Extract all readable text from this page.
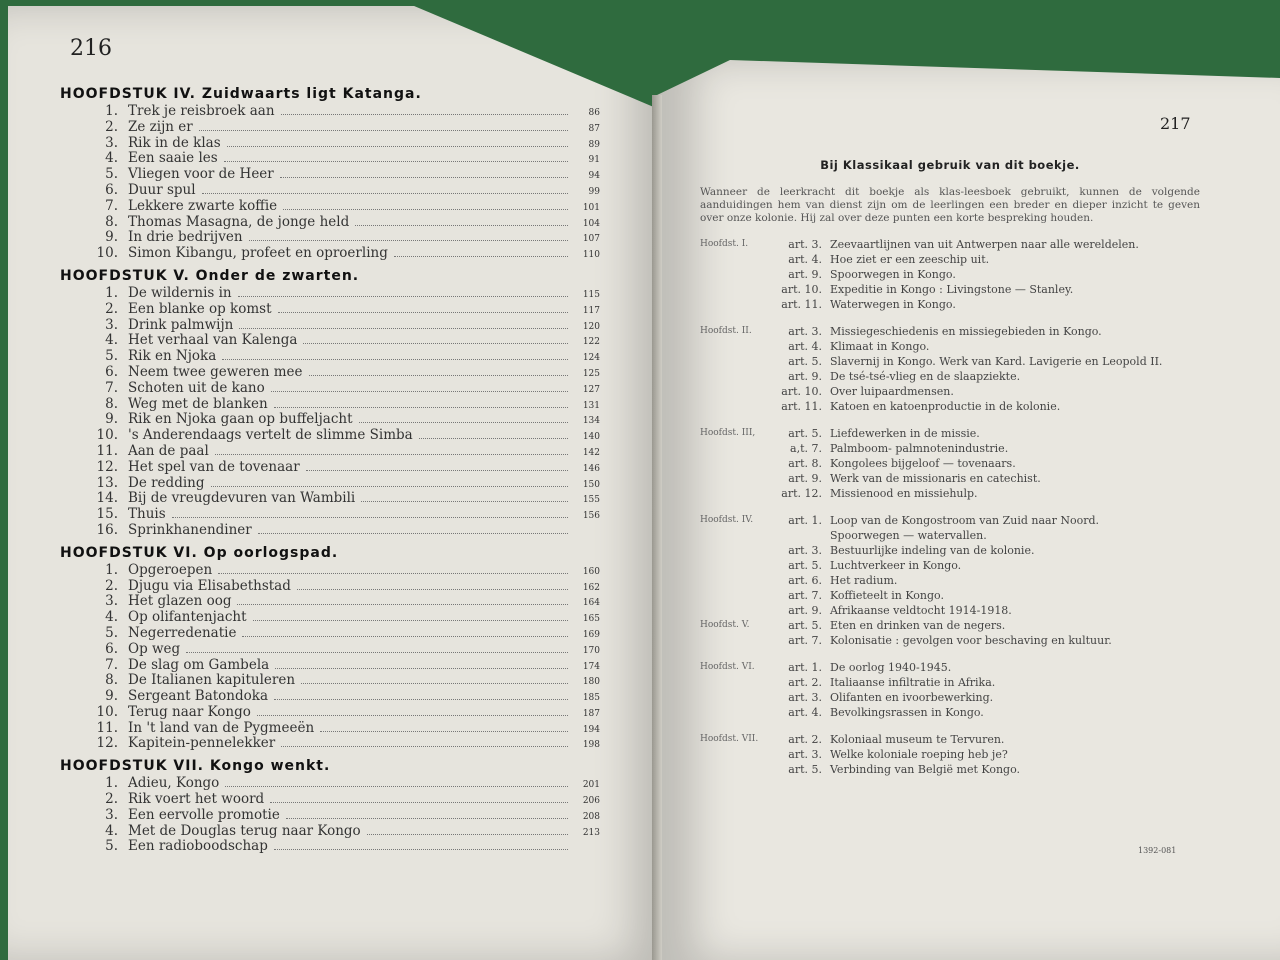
216
217
HOOFDSTUK IV. Zuidwaarts ligt Katanga.
1. Trek je reisbroek aan	86
2. Ze zijn er	87
3. Rik in de klas	89
4. Een saaie les	91
5. Vliegen voor de Heer	94
6. Duur spul	99
7. Lekkere zwarte koffie	101
8. Thomas Masagna, de jonge held	104
9. In drie bedrijven	107
10. Simon Kibangu, profeet en oproerling	110
HOOFDSTUK V. Onder de zwarten.
1. De wildernis in	115
2. Een blanke op komst	117
3. Drink palmwijn	120
4. Het verhaal van Kalenga	122
5. Rik en Njoka	124
6. Neem twee geweren mee	125
7. Schoten uit de kano	127
8. Weg met de blanken	131
9. Rik en Njoka gaan op buffeljacht	134
10. 's Anderendaags vertelt de slimme Simba	140
11. Aan de paal	142
12. Het spel van de tovenaar	146
13. De redding	150
14. Bij de vreugdevuren van Wambili	155
15. Thuis	156
16. Sprinkhanendiner
HOOFDSTUK VI. Op oorlogspad.
1. Opgeroepen	160
2. Djugu via Elisabethstad	162
3. Het glazen oog	164
4. Op olifantenjacht	165
5. Negerredenatie	169
6. Op weg	170
7. De slag om Gambela	174
8. De Italianen kapituleren	180
9. Sergeant Batondoka	185
10. Terug naar Kongo	187
11. In 't land van de Pygmeeën	194
12. Kapitein-pennelekker	198
HOOFDSTUK VII. Kongo wenkt.
1. Adieu, Kongo	201
2. Rik voert het woord	206
3. Een eervolle promotie	208
4. Met de Douglas terug naar Kongo	213
5. Een radioboodschap
Bij Klassikaal gebruik van dit boekje.
Wanneer de leerkracht dit boekje als klas-leesboek gebruikt, kunnen de volgende aanduidingen hem van dienst zijn om de leerlingen een breder en dieper inzicht te geven over onze kolonie. Hij zal over deze punten een korte bespreking houden.
Hoofdst. I.	art. 3. Zeevaartlijnen van uit Antwerpen naar alle wereldelen.
art. 4. Hoe ziet er een zeeschip uit.
art. 9. Spoorwegen in Kongo.
art. 10. Expeditie in Kongo : Livingstone — Stanley.
art. 11. Waterwegen in Kongo.
Hoofdst. II.	art. 3. Missiegeschiedenis en missiegebieden in Kongo.
art. 4. Klimaat in Kongo.
art. 5. Slavernij in Kongo. Werk van Kard. Lavigerie en Leopold II.
art. 9. De tsé-tsé-vlieg en de slaapziekte.
art. 10. Over luipaardmensen.
art. 11. Katoen en katoenproductie in de kolonie.
Hoofdst. III,	art. 5. Liefdewerken in de missie.
a,t. 7. Palmboom- palmnotenindustrie.
art. 8. Kongolees bijgeloof — tovenaars.
art. 9. Werk van de missionaris en catechist.
art. 12. Missienood en missiehulp.
Hoofdst. IV.	art. 1. Loop van de Kongostroom van Zuid naar Noord.
Spoorwegen — watervallen.
art. 3. Bestuurlijke indeling van de kolonie.
art. 5. Luchtverkeer in Kongo.
art. 6. Het radium.
art. 7. Koffieteelt in Kongo.
art. 9. Afrikaanse veldtocht 1914-1918.
Hoofdst. V.	art. 5. Eten en drinken van de negers.
art. 7. Kolonisatie : gevolgen voor beschaving en kultuur.
Hoofdst. VI.	art. 1. De oorlog 1940-1945.
art. 2. Italiaanse infiltratie in Afrika.
art. 3. Olifanten en ivoorbewerking.
art. 4. Bevolkingsrassen in Kongo.
Hoofdst. VII.	art. 2. Koloniaal museum te Tervuren.
art. 3. Welke koloniale roeping heb je?
art. 5. Verbinding van België met Kongo.
1392-081
